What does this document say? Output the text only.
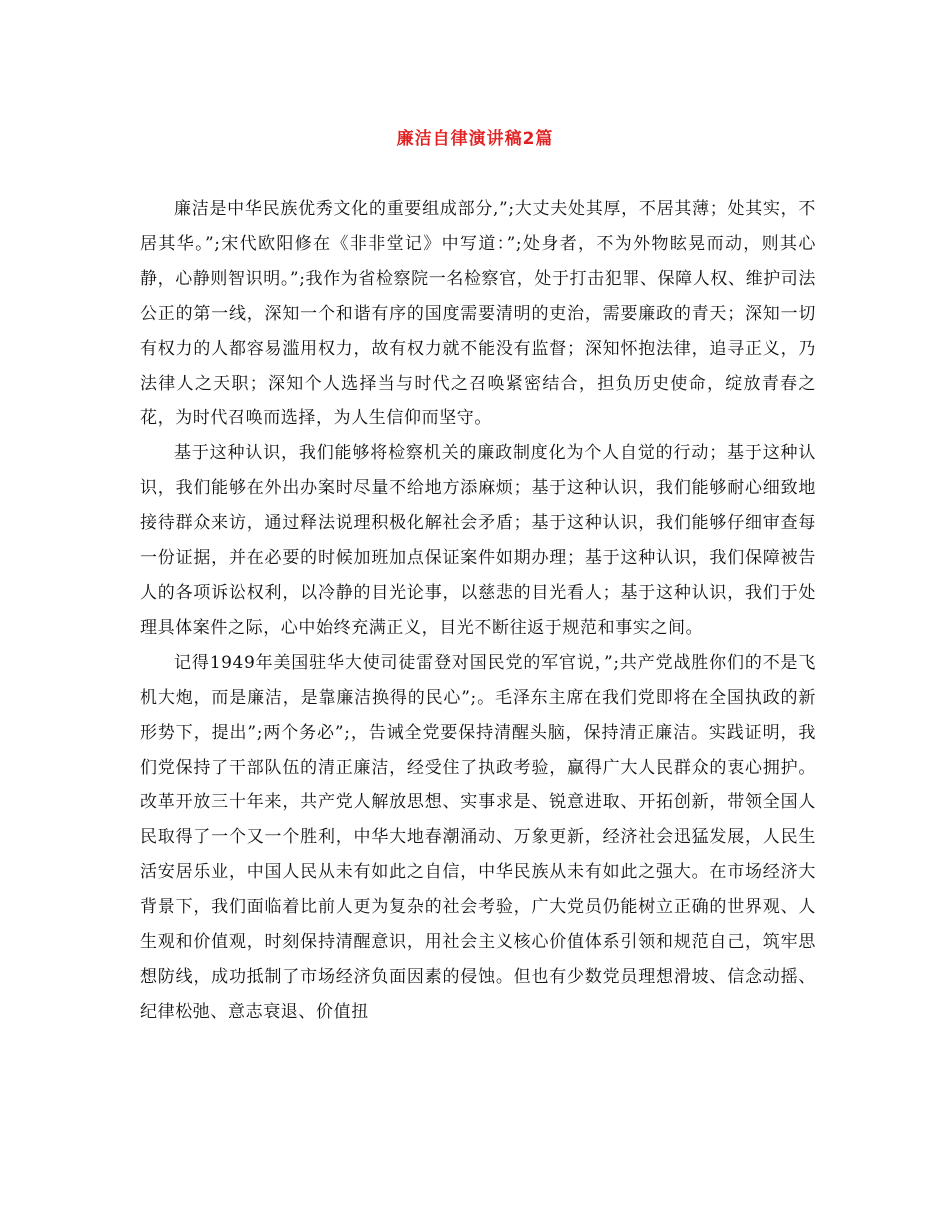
廉洁自律演讲稿2篇

廉洁是中华民族优秀文化的重要组成部分,”;大丈夫处其厚，不居其薄；处其实，不居其华。”;宋代欧阳修在《非非堂记》中写道：”;处身者，不为外物眩晃而动，则其心静，心静则智识明。”;我作为省检察院一名检察官，处于打击犯罪、保障人权、维护司法公正的第一线，深知一个和谐有序的国度需要清明的吏治，需要廉政的青天；深知一切有权力的人都容易滥用权力，故有权力就不能没有监督；深知怀抱法律，追寻正义，乃法律人之天职；深知个人选择当与时代之召唤紧密结合，担负历史使命，绽放青春之花，为时代召唤而选择，为人生信仰而坚守。

基于这种认识，我们能够将检察机关的廉政制度化为个人自觉的行动；基于这种认识，我们能够在外出办案时尽量不给地方添麻烦；基于这种认识，我们能够耐心细致地接待群众来访，通过释法说理积极化解社会矛盾；基于这种认识，我们能够仔细审查每一份证据，并在必要的时候加班加点保证案件如期办理；基于这种认识，我们保障被告人的各项诉讼权利，以冷静的目光论事，以慈悲的目光看人；基于这种认识，我们于处理具体案件之际，心中始终充满正义，目光不断往返于规范和事实之间。

记得1949年美国驻华大使司徒雷登对国民党的军官说，”;共产党战胜你们的不是飞机大炮，而是廉洁，是靠廉洁换得的民心”;。毛泽东主席在我们党即将在全国执政的新形势下，提出”;两个务必”;，告诫全党要保持清醒头脑，保持清正廉洁。实践证明，我们党保持了干部队伍的清正廉洁，经受住了执政考验，赢得广大人民群众的衷心拥护。改革开放三十年来，共产党人解放思想、实事求是、锐意进取、开拓创新，带领全国人民取得了一个又一个胜利，中华大地春潮涌动、万象更新，经济社会迅猛发展，人民生活安居乐业，中国人民从未有如此之自信，中华民族从未有如此之强大。在市场经济大背景下，我们面临着比前人更为复杂的社会考验，广大党员仍能树立正确的世界观、人生观和价值观，时刻保持清醒意识，用社会主义核心价值体系引领和规范自己，筑牢思想防线，成功抵制了市场经济负面因素的侵蚀。但也有少数党员理想滑坡、信念动摇、纪律松弛、意志衰退、价值扭
